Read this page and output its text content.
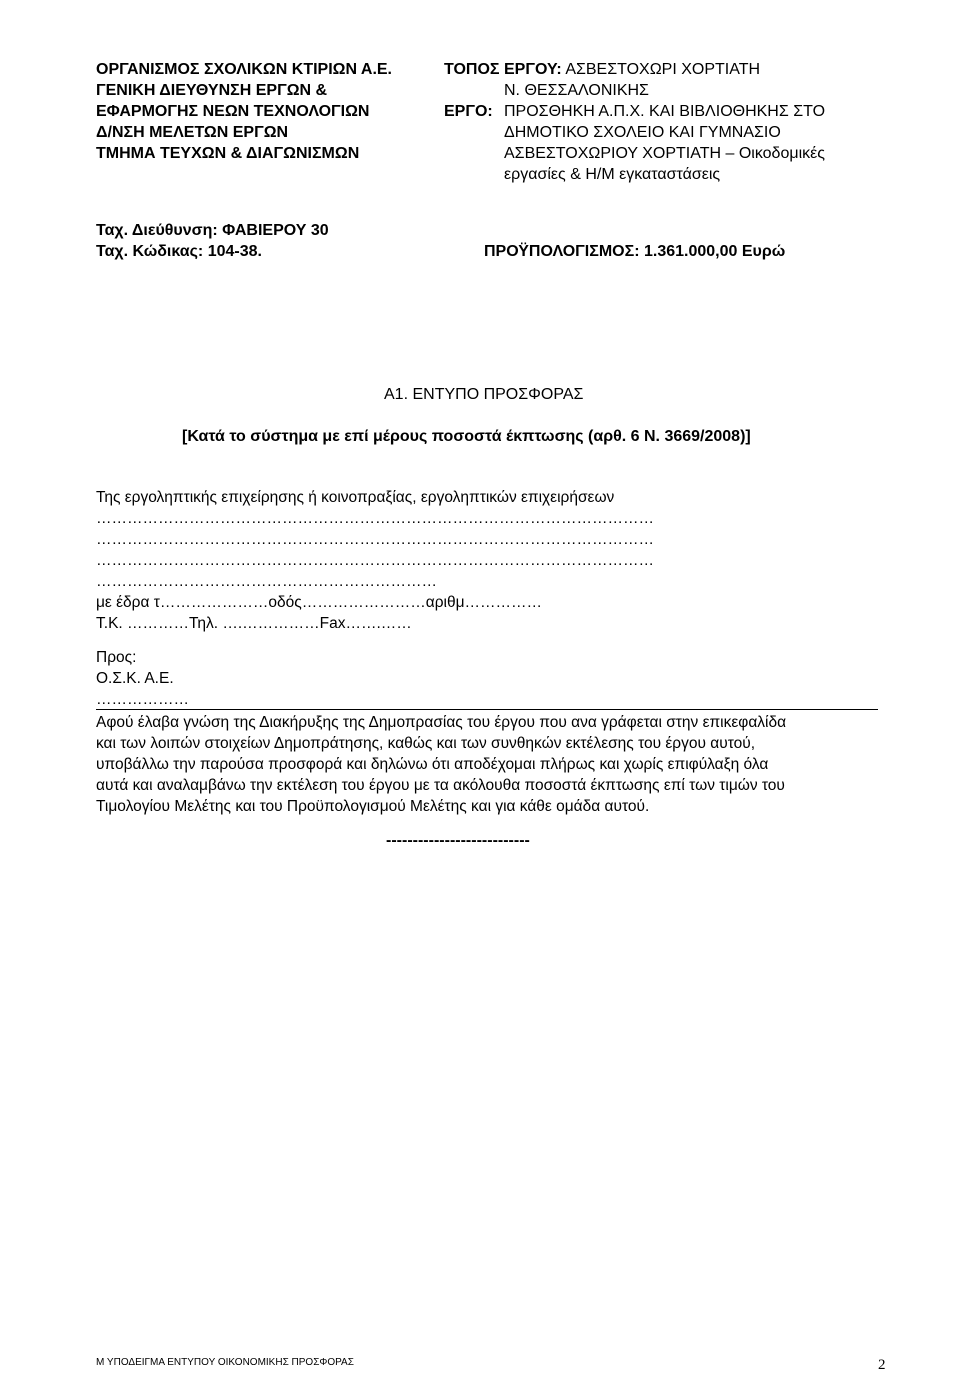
ΟΡΓΑΝΙΣΜΟΣ ΣΧΟΛΙΚΩΝ ΚΤΙΡΙΩΝ Α.Ε.
ΓΕΝΙΚΗ ΔΙΕΥΘΥΝΣΗ ΕΡΓΩΝ &
ΕΦΑΡΜΟΓΗΣ ΝΕΩΝ ΤΕΧΝΟΛΟΓΙΩΝ
Δ/ΝΣΗ ΜΕΛΕΤΩΝ ΕΡΓΩΝ
ΤΜΗΜΑ ΤΕΥΧΩΝ & ΔΙΑΓΩΝΙΣΜΩΝ
ΤΟΠΟΣ ΕΡΓΟΥ: ΑΣΒΕΣΤΟΧΩΡΙ ΧΟΡΤΙΑΤΗ
Ν. ΘΕΣΣΑΛΟΝΙΚΗΣ
ΕΡΓΟ: ΠΡΟΣΘΗΚΗ Α.Π.Χ. ΚΑΙ ΒΙΒΛΙΟΘΗΚΗΣ ΣΤΟ
ΔΗΜΟΤΙΚΟ ΣΧΟΛΕΙΟ ΚΑΙ ΓΥΜΝΑΣΙΟ
ΑΣΒΕΣΤΟΧΩΡΙΟΥ ΧΟΡΤΙΑΤΗ – Οικοδομικές
εργασίες & Η/Μ εγκαταστάσεις
Ταχ. Διεύθυνση: ΦΑΒΙΕΡΟΥ 30
Ταχ. Κώδικας: 104-38.	ΠΡΟΫΠΟΛΟΓΙΣΜΟΣ: 1.361.000,00 Ευρώ
Α1. ΕΝΤΥΠΟ ΠΡΟΣΦΟΡΑΣ
[Κατά το σύστημα με επί μέρους ποσοστά έκπτωσης (αρθ. 6 Ν. 3669/2008)]
Της εργοληπτικής επιχείρησης ή κοινοπραξίας, εργοληπτικών επιχειρήσεων
………………………………………………………………………………………………
………………………………………………………………………………………………
………………………………………………………………………………………………
…………………………………………………………
με έδρα τ…………………οδός……………………αριθμ……………
Τ.Κ. …………Τηλ. ….……………Fax…….……
Προς:
Ο.Σ.Κ. Α.Ε.
………………
Αφού έλαβα γνώση της Διακήρυξης της Δημοπρασίας του έργου που ανα γράφεται στην επικεφαλίδα
και των λοιπών στοιχείων Δημοπράτησης, καθώς και των συνθηκών εκτέλεσης του έργου αυτού,
υποβάλλω την παρούσα προσφορά και δηλώνω ότι αποδέχομαι πλήρως και χωρίς επιφύλαξη όλα
αυτά και αναλαμβάνω την εκτέλεση του έργου με τα ακόλουθα ποσοστά έκπτωσης επί των τιμών του
Τιμολογίου Μελέτης και του Προϋπολογισμού Μελέτης και για κάθε ομάδα αυτού.
---------------------------
Μ ΥΠΟΔΕΙΓΜΑ ΕΝΤΥΠΟΥ ΟΙΚΟΝΟΜΙΚΗΣ ΠΡΟΣΦΟΡΑΣ	2
